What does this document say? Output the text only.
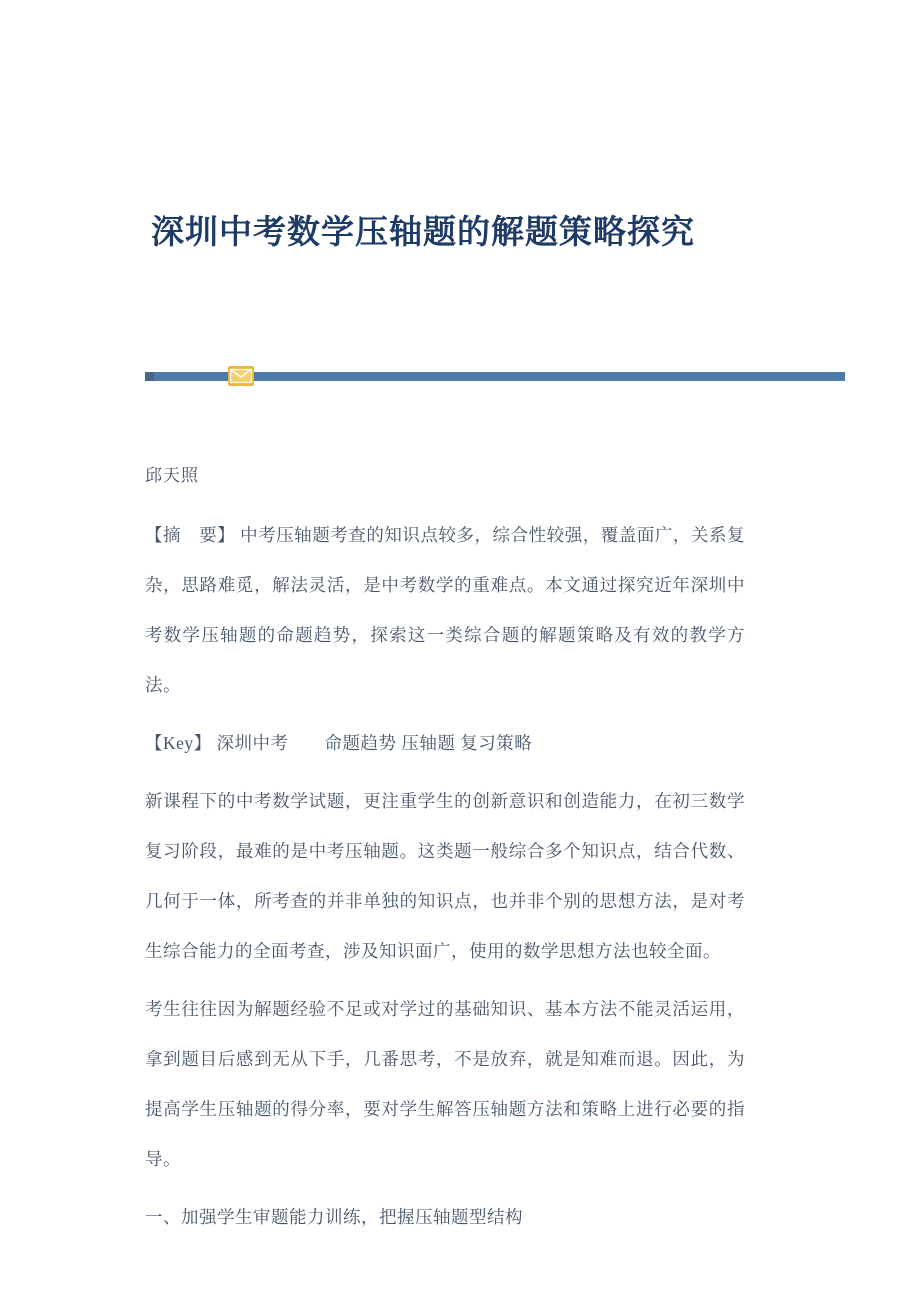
深圳中考数学压轴题的解题策略探究

邱天照

【摘　要】 中考压轴题考查的知识点较多，综合性较强，覆盖面广，关系复杂，思路难觅，解法灵活，是中考数学的重难点。本文通过探究近年深圳中考数学压轴题的命题趋势，探索这一类综合题的解题策略及有效的教学方法。

【Key】 深圳中考　　命题趋势 压轴题 复习策略

新课程下的中考数学试题，更注重学生的创新意识和创造能力，在初三数学复习阶段，最难的是中考压轴题。这类题一般综合多个知识点，结合代数、几何于一体，所考查的并非单独的知识点，也并非个别的思想方法，是对考生综合能力的全面考查，涉及知识面广，使用的数学思想方法也较全面。

考生往往因为解题经验不足或对学过的基础知识、基本方法不能灵活运用，拿到题目后感到无从下手，几番思考，不是放弃，就是知难而退。因此，为提高学生压轴题的得分率，要对学生解答压轴题方法和策略上进行必要的指导。

一、加强学生审题能力训练，把握压轴题型结构
